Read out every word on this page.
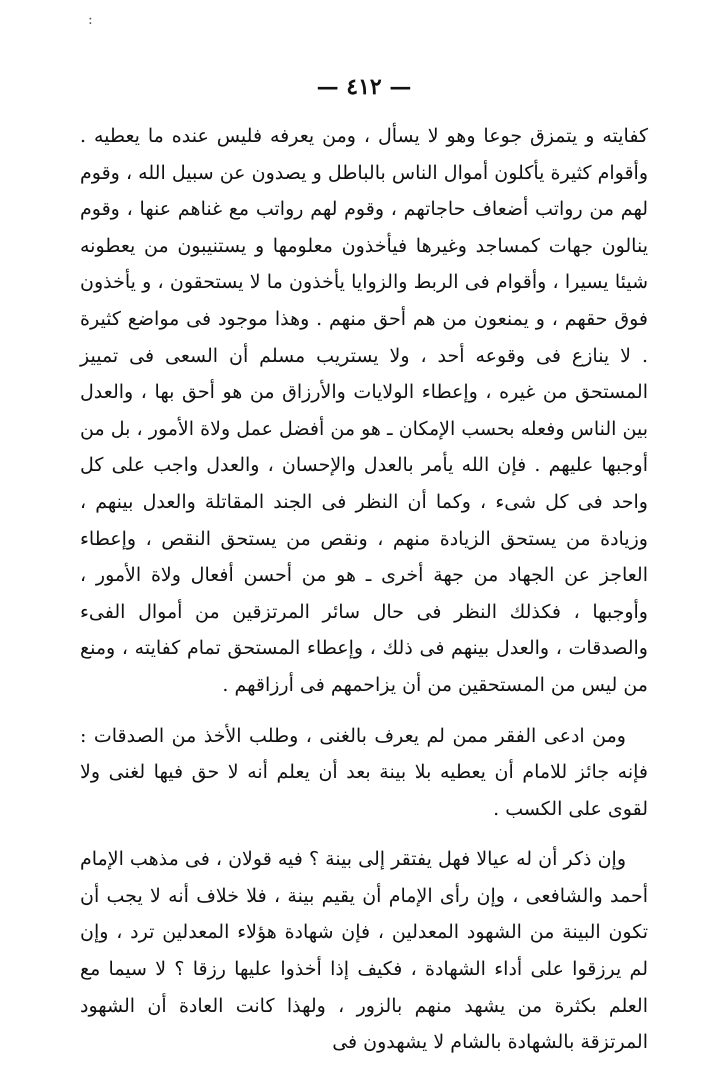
:
— ٤١٢ —

كفايته و يتمزق جوعا وهو لا يسأل ، ومن يعرفه فليس عنده ما يعطيه . وأقوام كثيرة يأكلون أموال الناس بالباطل و يصدون عن سبيل الله ، وقوم لهم من رواتب أضعاف حاجاتهم ، وقوم لهم رواتب مع غناهم عنها ، وقوم ينالون جهات كمساجد وغيرها فيأخذون معلومها و يستنيبون من يعطونه شيئا يسيرا ، وأقوام فى الربط والزوايا يأخذون ما لا يستحقون ، و يأخذون فوق حقهم ، و يمنعون من هم أحق منهم . وهذا موجود فى مواضع كثيرة . لا ينازع فى وقوعه أحد ، ولا يستريب مسلم أن السعى فى تمييز المستحق من غيره ، وإعطاء الولايات والأرزاق من هو أحق بها ، والعدل بين الناس وفعله بحسب الإمكان ـ هو من أفضل عمل ولاة الأمور ، بل من أوجبها عليهم . فإن الله يأمر بالعدل والإحسان ، والعدل واجب على كل واحد فى كل شىء ، وكما أن النظر فى الجند المقاتلة والعدل بينهم ، وزيادة من يستحق الزيادة منهم ، ونقص من يستحق النقص ، وإعطاء العاجز عن الجهاد من جهة أخرى ـ هو من أحسن أفعال ولاة الأمور ، وأوجبها ، فكذلك النظر فى حال سائر المرتزقين من أموال الفىء والصدقات ، والعدل بينهم فى ذلك ، وإعطاء المستحق تمام كفايته ، ومنع من ليس من المستحقين من أن يزاحمهم فى أرزاقهم .

ومن ادعى الفقر ممن لم يعرف بالغنى ، وطلب الأخذ من الصدقات : فإنه جائز للامام أن يعطيه بلا بينة بعد أن يعلم أنه لا حق فيها لغنى ولا لقوى على الكسب .

وإن ذكر أن له عيالا فهل يفتقر إلى بينة ؟ فيه قولان ، فى مذهب الإمام أحمد والشافعى ، وإن رأى الإمام أن يقيم بينة ، فلا خلاف أنه لا يجب أن تكون البينة من الشهود المعدلين ، فإن شهادة هؤلاء المعدلين ترد ، وإن لم يرزقوا على أداء الشهادة ، فكيف إذا أخذوا عليها رزقا ؟ لا سيما مع العلم بكثرة من يشهد منهم بالزور ، ولهذا كانت العادة أن الشهود المرتزقة بالشهادة بالشام لا يشهدون فى
